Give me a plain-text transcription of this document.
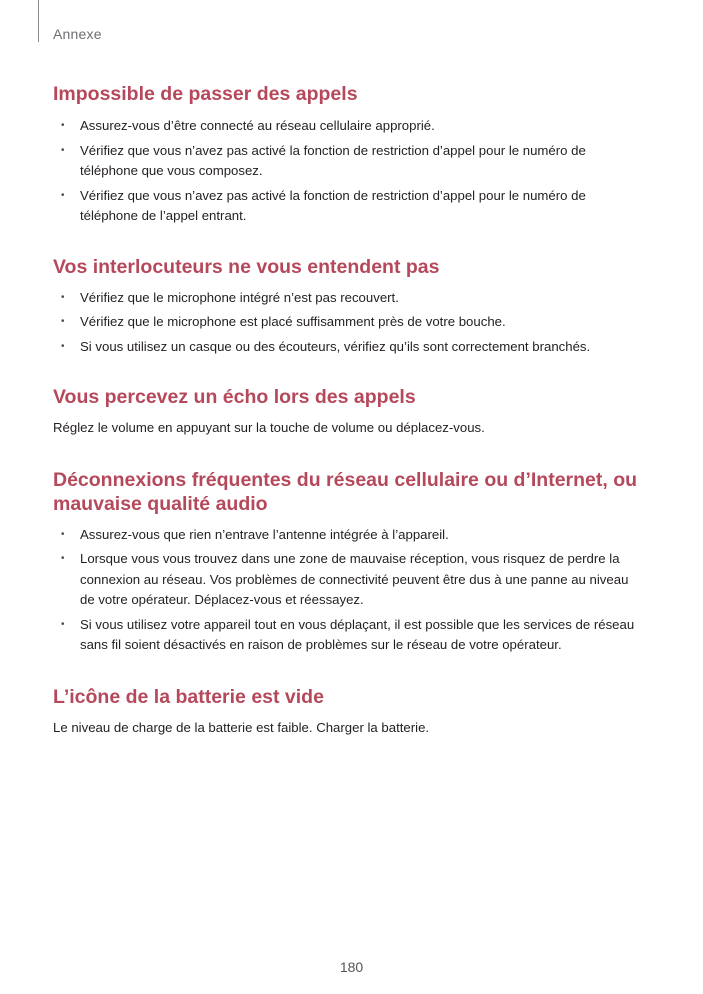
Annexe
Impossible de passer des appels
• Assurez-vous d’être connecté au réseau cellulaire approprié.
• Vérifiez que vous n’avez pas activé la fonction de restriction d’appel pour le numéro de téléphone que vous composez.
• Vérifiez que vous n’avez pas activé la fonction de restriction d’appel pour le numéro de téléphone de l’appel entrant.
Vos interlocuteurs ne vous entendent pas
• Vérifiez que le microphone intégré n’est pas recouvert.
• Vérifiez que le microphone est placé suffisamment près de votre bouche.
• Si vous utilisez un casque ou des écouteurs, vérifiez qu’ils sont correctement branchés.
Vous percevez un écho lors des appels

Réglez le volume en appuyant sur la touche de volume ou déplacez-vous.

Déconnexions fréquentes du réseau cellulaire ou d’Internet, ou mauvaise qualité audio
• Assurez-vous que rien n’entrave l’antenne intégrée à l’appareil.
• Lorsque vous vous trouvez dans une zone de mauvaise réception, vous risquez de perdre la connexion au réseau. Vos problèmes de connectivité peuvent être dus à une panne au niveau de votre opérateur. Déplacez-vous et réessayez.
• Si vous utilisez votre appareil tout en vous déplaçant, il est possible que les services de réseau sans fil soient désactivés en raison de problèmes sur le réseau de votre opérateur.
L’icône de la batterie est vide

Le niveau de charge de la batterie est faible. Charger la batterie.

180
